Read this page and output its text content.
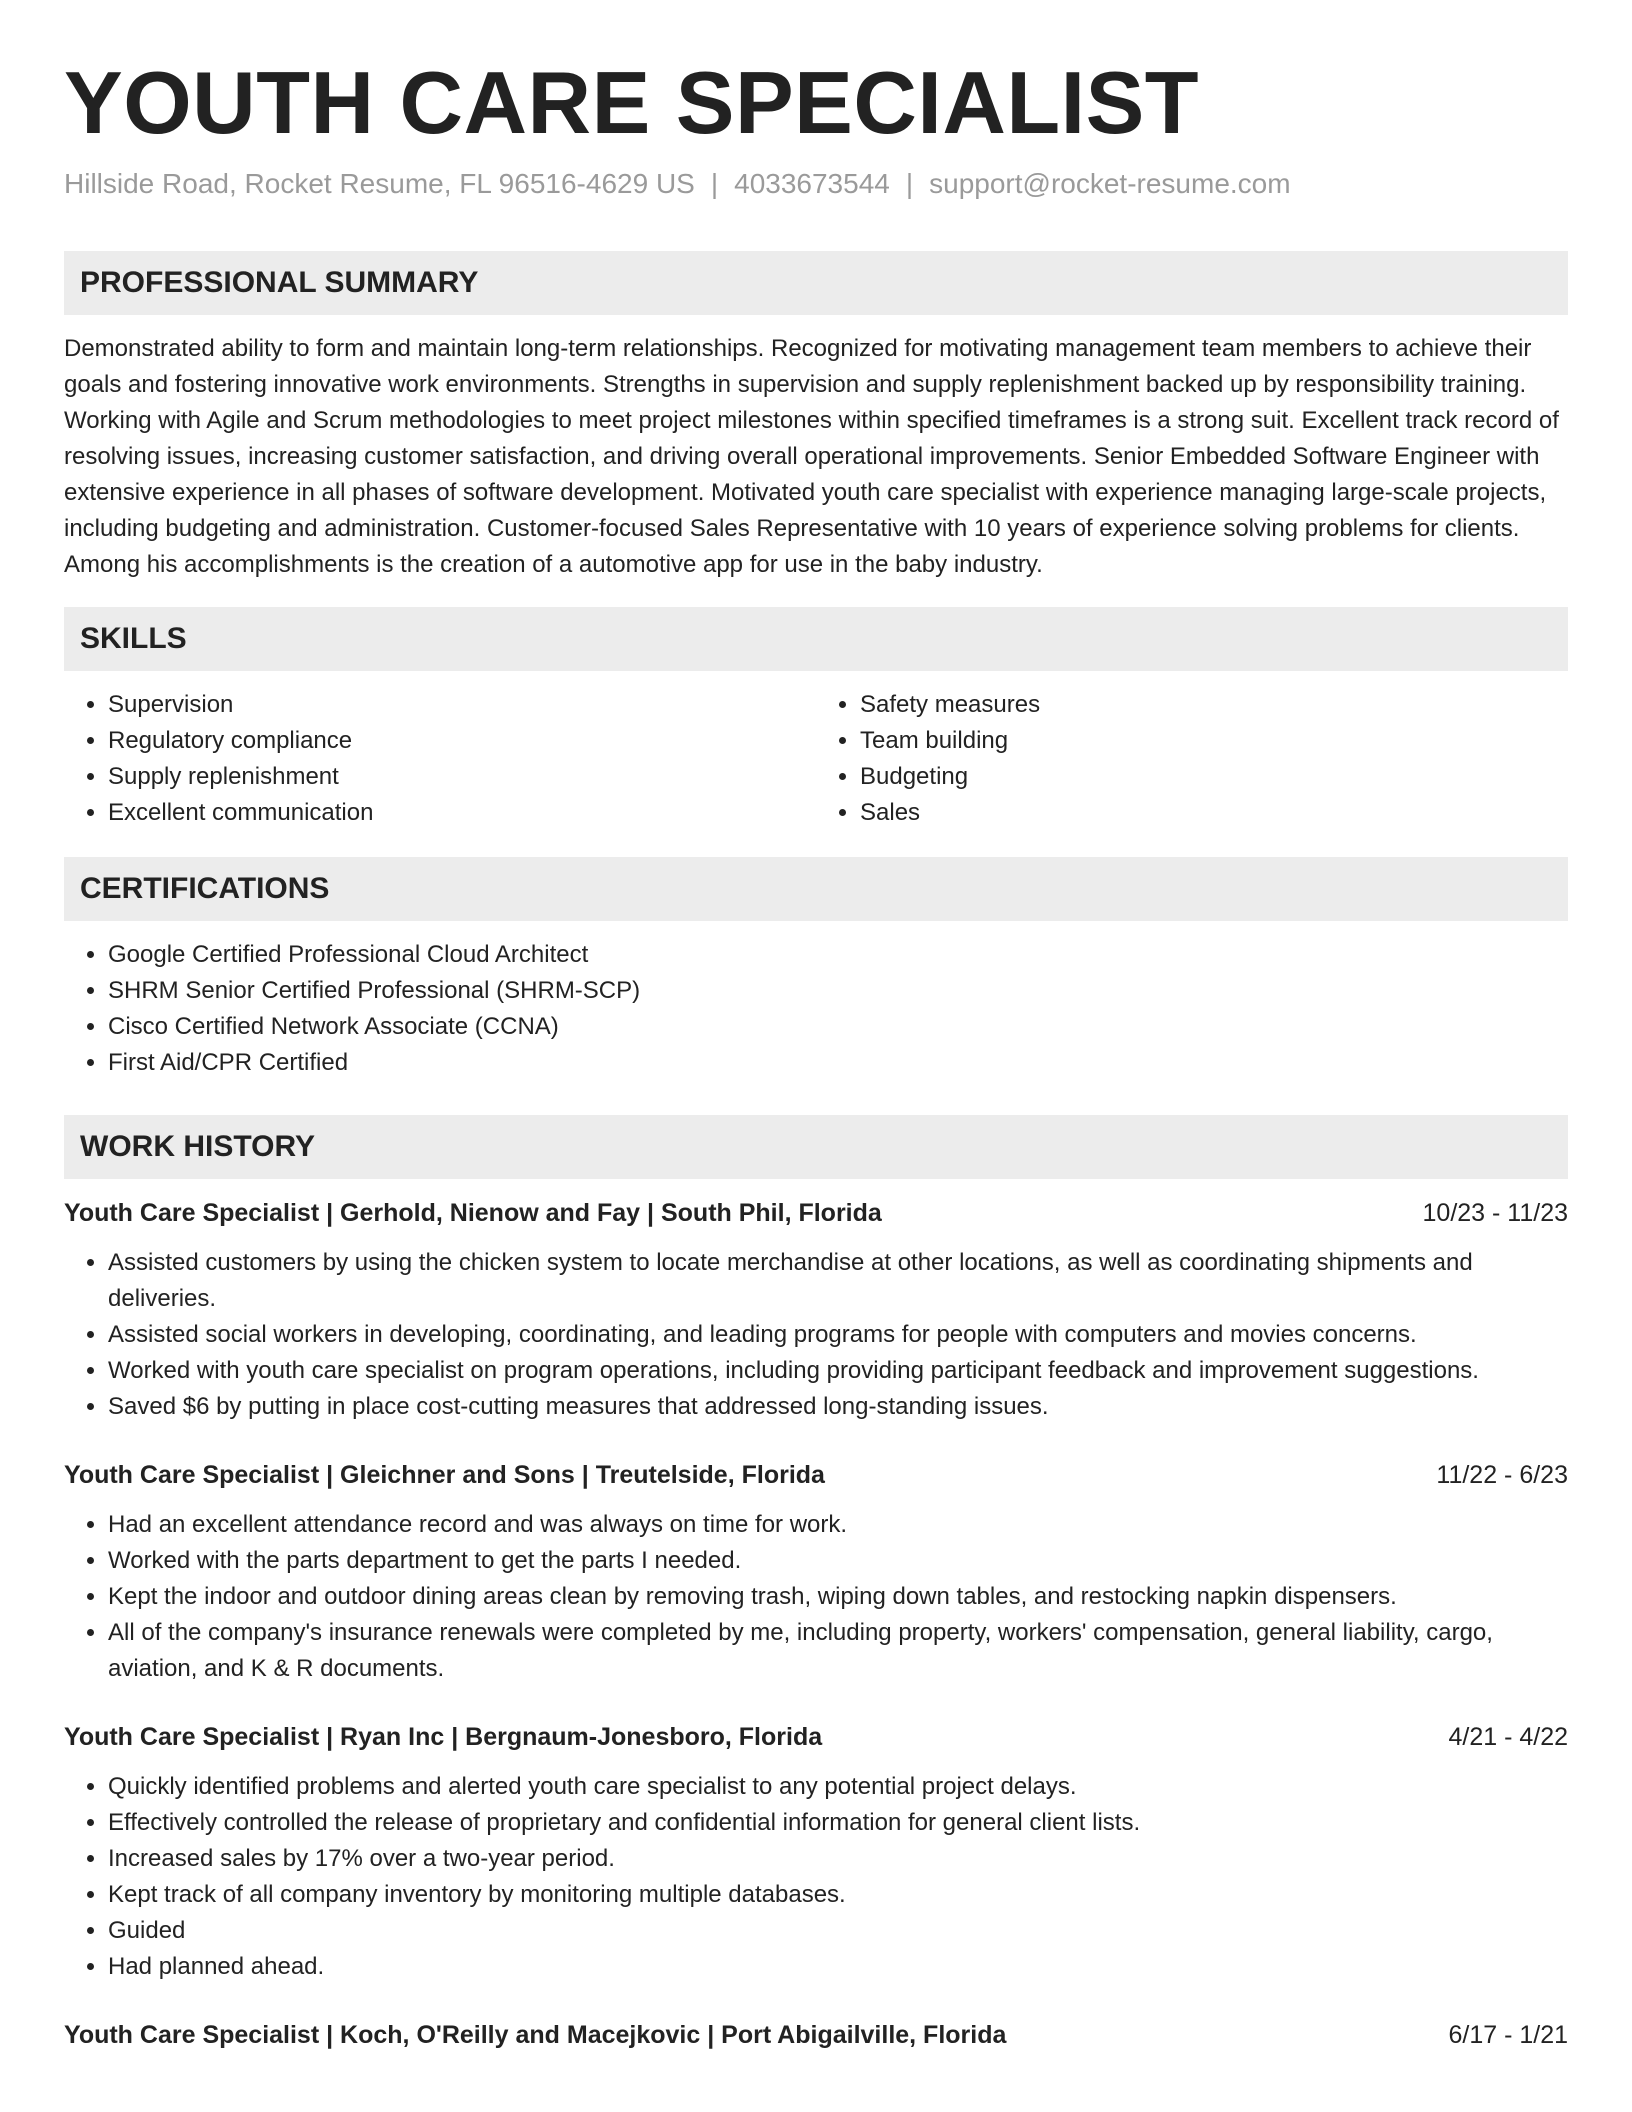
YOUTH CARE SPECIALIST
Hillside Road, Rocket Resume, FL 96516-4629 US | 4033673544 | support@rocket-resume.com
PROFESSIONAL SUMMARY

Demonstrated ability to form and maintain long-term relationships. Recognized for motivating management team members to achieve their goals and fostering innovative work environments. Strengths in supervision and supply replenishment backed up by responsibility training. Working with Agile and Scrum methodologies to meet project milestones within specified timeframes is a strong suit. Excellent track record of resolving issues, increasing customer satisfaction, and driving overall operational improvements. Senior Embedded Software Engineer with extensive experience in all phases of software development. Motivated youth care specialist with experience managing large-scale projects, including budgeting and administration. Customer-focused Sales Representative with 10 years of experience solving problems for clients. Among his accomplishments is the creation of a automotive app for use in the baby industry.

SKILLS
• Supervision
• Regulatory compliance
• Supply replenishment
• Excellent communication
• Safety measures
• Team building
• Budgeting
• Sales
CERTIFICATIONS
• Google Certified Professional Cloud Architect
• SHRM Senior Certified Professional (SHRM-SCP)
• Cisco Certified Network Associate (CCNA)
• First Aid/CPR Certified
WORK HISTORY
Youth Care Specialist | Gerhold, Nienow and Fay | South Phil, Florida	10/23 - 11/23
• Assisted customers by using the chicken system to locate merchandise at other locations, as well as coordinating shipments and deliveries.
• Assisted social workers in developing, coordinating, and leading programs for people with computers and movies concerns.
• Worked with youth care specialist on program operations, including providing participant feedback and improvement suggestions.
• Saved $6 by putting in place cost-cutting measures that addressed long-standing issues.
Youth Care Specialist | Gleichner and Sons | Treutelside, Florida	11/22 - 6/23
• Had an excellent attendance record and was always on time for work.
• Worked with the parts department to get the parts I needed.
• Kept the indoor and outdoor dining areas clean by removing trash, wiping down tables, and restocking napkin dispensers.
• All of the company's insurance renewals were completed by me, including property, workers' compensation, general liability, cargo, aviation, and K & R documents.
Youth Care Specialist | Ryan Inc | Bergnaum-Jonesboro, Florida	4/21 - 4/22
• Quickly identified problems and alerted youth care specialist to any potential project delays.
• Effectively controlled the release of proprietary and confidential information for general client lists.
• Increased sales by 17% over a two-year period.
• Kept track of all company inventory by monitoring multiple databases.
• Guided
• Had planned ahead.
Youth Care Specialist | Koch, O'Reilly and Macejkovic | Port Abigailville, Florida	6/17 - 1/21
